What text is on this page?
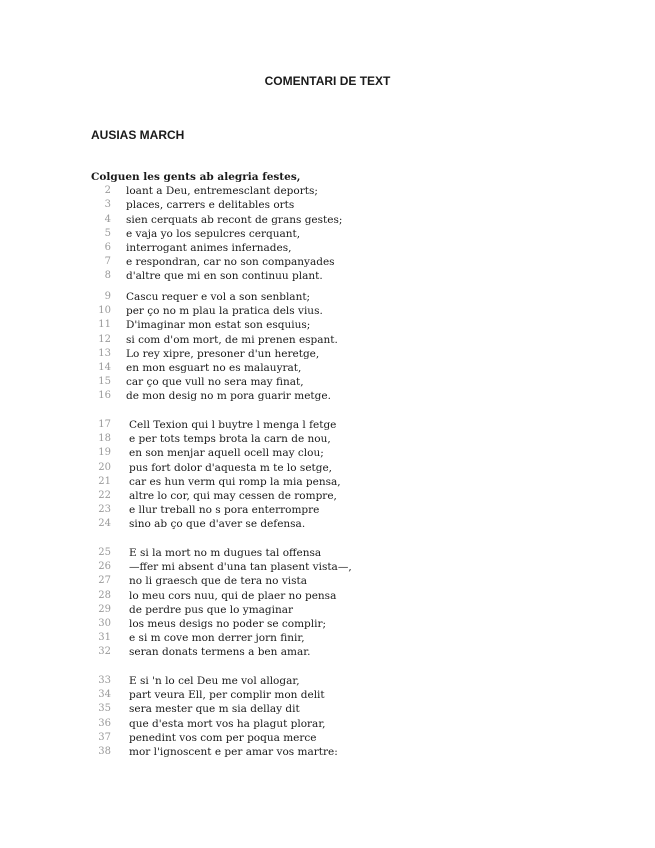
COMENTARI DE TEXT
AUSIAS MARCH
Colguen les gents ab alegria festes,
2 loant a Deu, entremesclant deports;
3 places, carrers e delitables orts
4 sien cerquats ab recont de grans gestes;
5 e vaja yo los sepulcres cerquant,
6 interrogant animes infernades,
7 e respondran, car no son companyades
8 d'altre que mi en son continuu plant.
9 Cascu requer e vol a son senblant;
10 per ço no m plau la pratica dels vius.
11 D'imaginar mon estat son esquius;
12 si com d'om mort, de mi prenen espant.
13 Lo rey xipre, presoner d'un heretge,
14 en mon esguart no es malauyrat,
15 car ço que vull no sera may finat,
16 de mon desig no m pora guarir metge.
17 Cell Texion qui l buytre l menga l fetge
18 e per tots temps brota la carn de nou,
19 en son menjar aquell ocell may clou;
20 pus fort dolor d'aquesta m te lo setge,
21 car es hun verm qui romp la mia pensa,
22 altre lo cor, qui may cessen de rompre,
23 e llur treball no s pora enterrompre
24 sino ab ço que d'aver se defensa.
25 E si la mort no m dugues tal offensa
26 —ffer mi absent d'una tan plasent vista—,
27 no li graesch que de tera no vista
28 lo meu cors nuu, qui de plaer no pensa
29 de perdre pus que lo ymaginar
30 los meus desigs no poder se complir;
31 e si m cove mon derrer jorn finir,
32 seran donats termens a ben amar.
33 E si 'n lo cel Deu me vol allogar,
34 part veura Ell, per complir mon delit
35 sera mester que m sia dellay dit
36 que d'esta mort vos ha plagut plorar,
37 penedint vos com per poqua merce
38 mor l'ignoscent e per amar vos martre:
